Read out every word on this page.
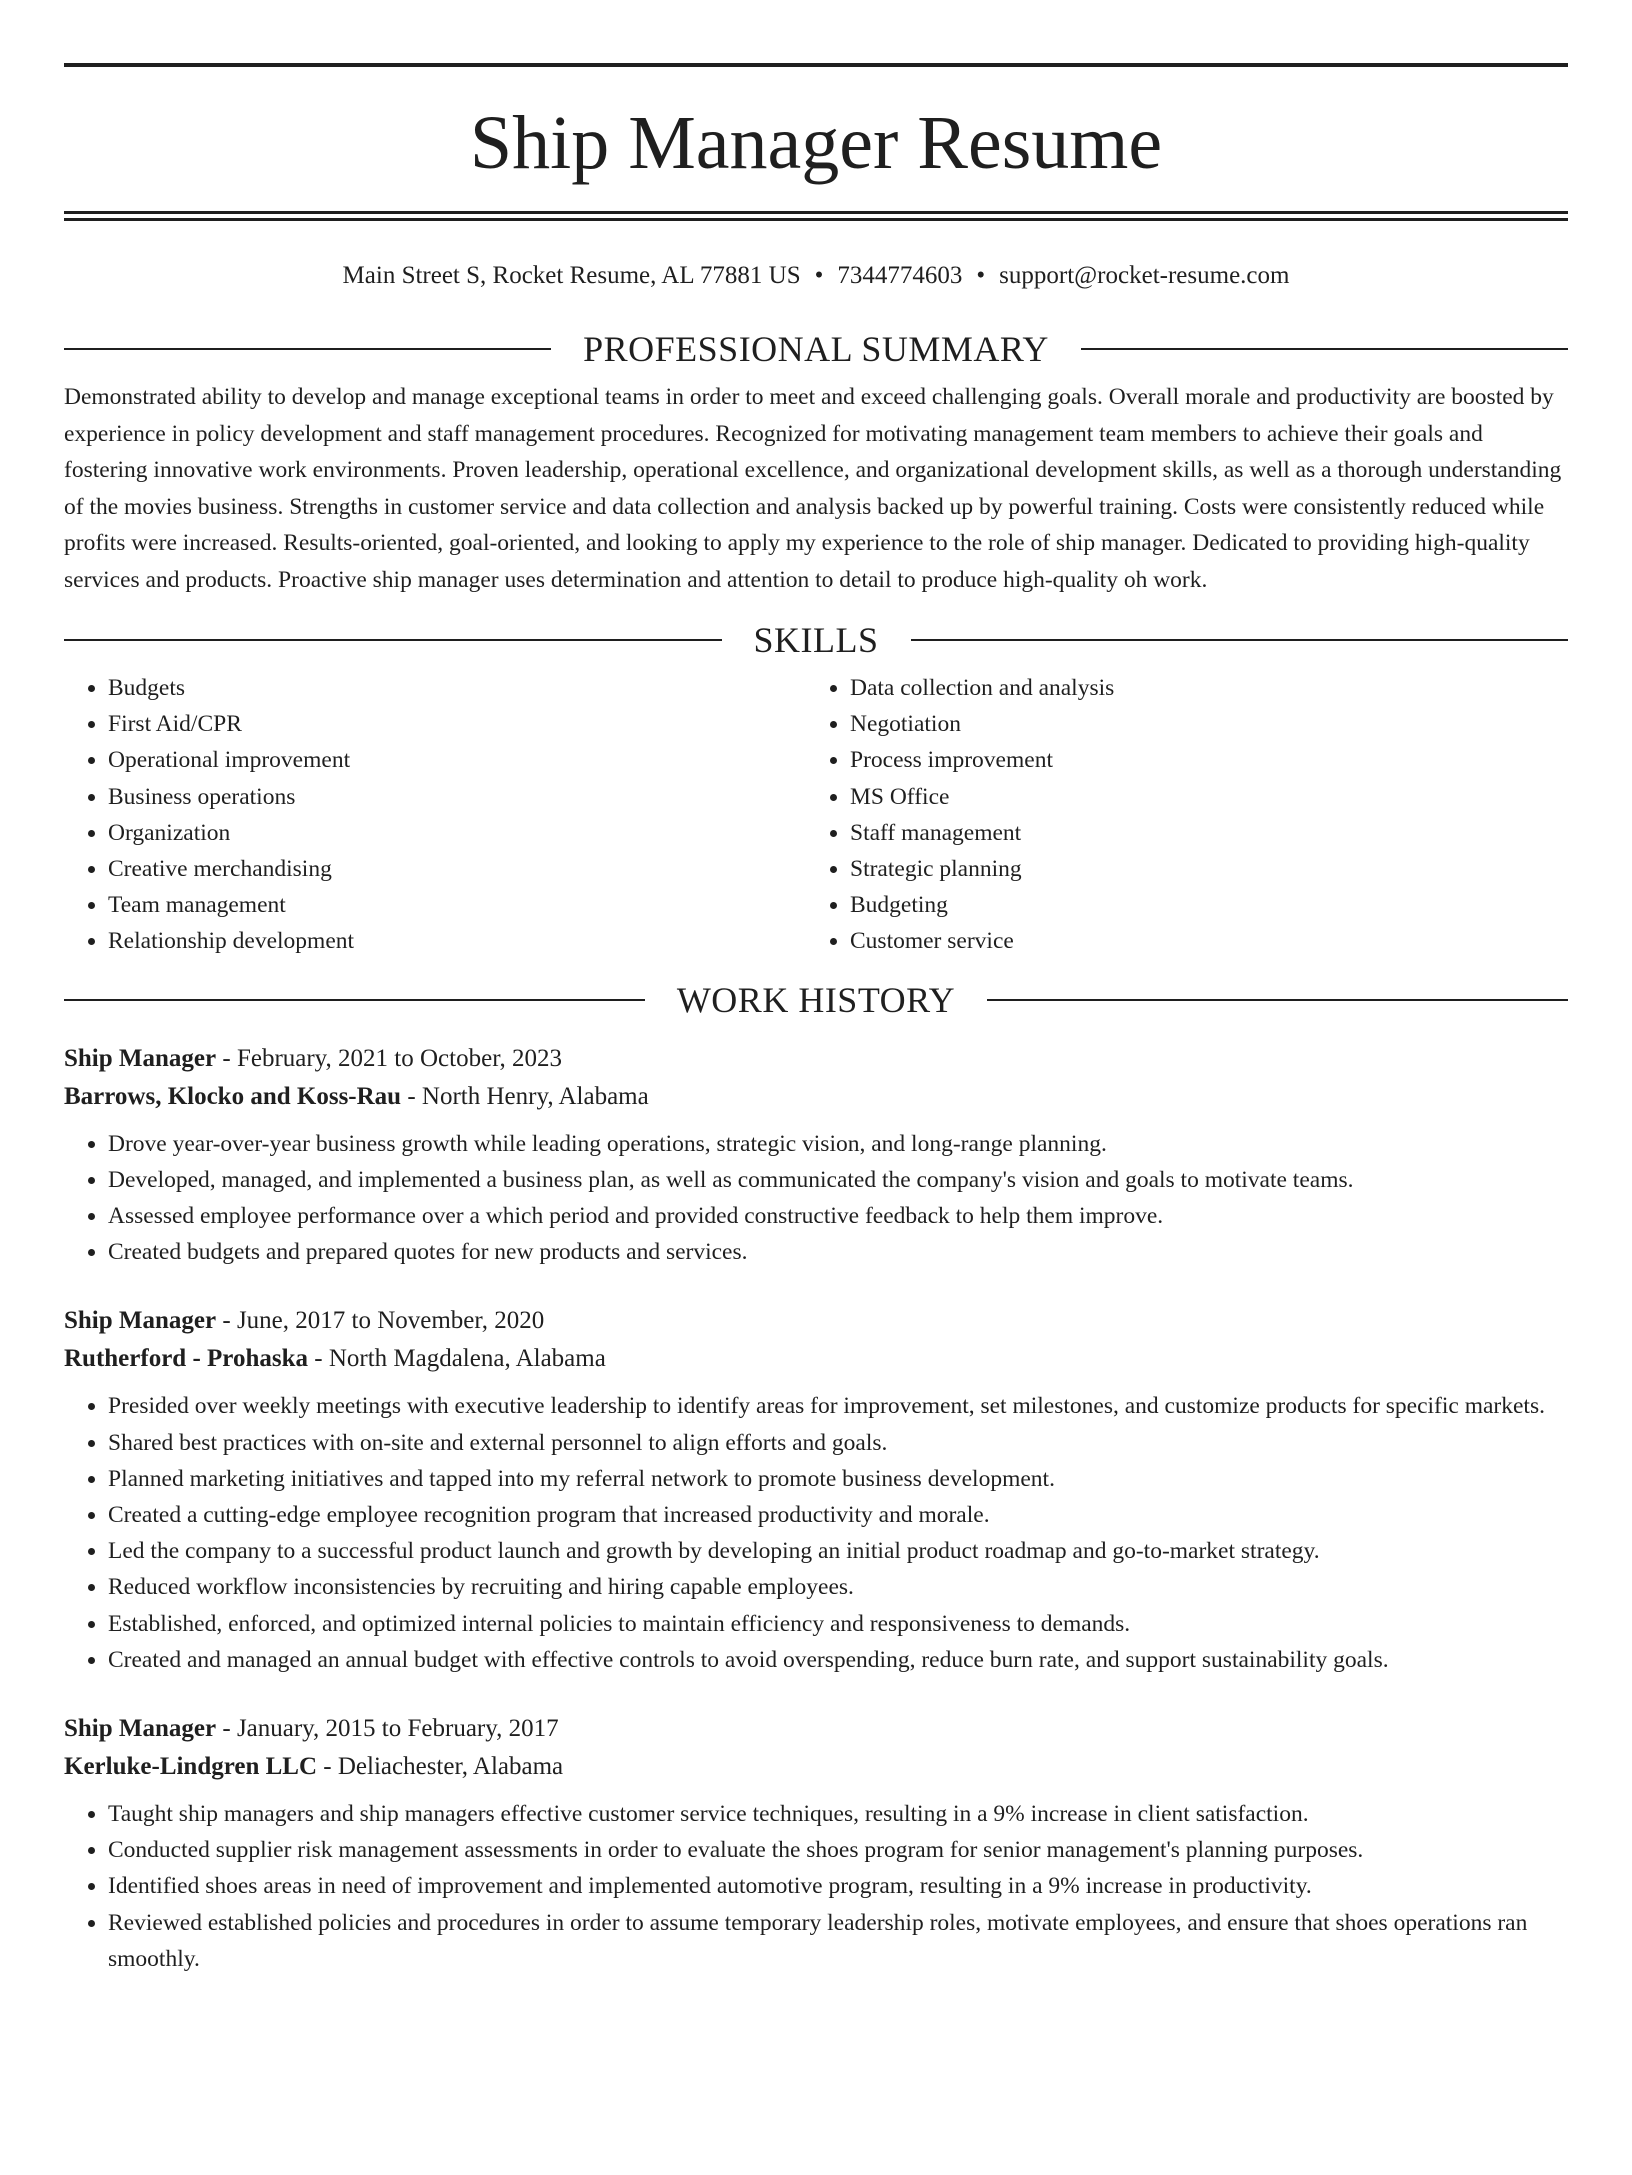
Ship Manager Resume
Main Street S, Rocket Resume, AL 77881 US • 7344774603 • support@rocket-resume.com
PROFESSIONAL SUMMARY

Demonstrated ability to develop and manage exceptional teams in order to meet and exceed challenging goals. Overall morale and productivity are boosted by experience in policy development and staff management procedures. Recognized for motivating management team members to achieve their goals and fostering innovative work environments. Proven leadership, operational excellence, and organizational development skills, as well as a thorough understanding of the movies business. Strengths in customer service and data collection and analysis backed up by powerful training. Costs were consistently reduced while profits were increased. Results-oriented, goal-oriented, and looking to apply my experience to the role of ship manager. Dedicated to providing high-quality services and products. Proactive ship manager uses determination and attention to detail to produce high-quality oh work.

SKILLS
• Budgets
• First Aid/CPR
• Operational improvement
• Business operations
• Organization
• Creative merchandising
• Team management
• Relationship development
• Data collection and analysis
• Negotiation
• Process improvement
• MS Office
• Staff management
• Strategic planning
• Budgeting
• Customer service
WORK HISTORY
Ship Manager - February, 2021 to October, 2023
Barrows, Klocko and Koss-Rau - North Henry, Alabama
• Drove year-over-year business growth while leading operations, strategic vision, and long-range planning.
• Developed, managed, and implemented a business plan, as well as communicated the company's vision and goals to motivate teams.
• Assessed employee performance over a which period and provided constructive feedback to help them improve.
• Created budgets and prepared quotes for new products and services.
Ship Manager - June, 2017 to November, 2020
Rutherford - Prohaska - North Magdalena, Alabama
• Presided over weekly meetings with executive leadership to identify areas for improvement, set milestones, and customize products for specific markets.
• Shared best practices with on-site and external personnel to align efforts and goals.
• Planned marketing initiatives and tapped into my referral network to promote business development.
• Created a cutting-edge employee recognition program that increased productivity and morale.
• Led the company to a successful product launch and growth by developing an initial product roadmap and go-to-market strategy.
• Reduced workflow inconsistencies by recruiting and hiring capable employees.
• Established, enforced, and optimized internal policies to maintain efficiency and responsiveness to demands.
• Created and managed an annual budget with effective controls to avoid overspending, reduce burn rate, and support sustainability goals.
Ship Manager - January, 2015 to February, 2017
Kerluke-Lindgren LLC - Deliachester, Alabama
• Taught ship managers and ship managers effective customer service techniques, resulting in a 9% increase in client satisfaction.
• Conducted supplier risk management assessments in order to evaluate the shoes program for senior management's planning purposes.
• Identified shoes areas in need of improvement and implemented automotive program, resulting in a 9% increase in productivity.
• Reviewed established policies and procedures in order to assume temporary leadership roles, motivate employees, and ensure that shoes operations ran smoothly.
